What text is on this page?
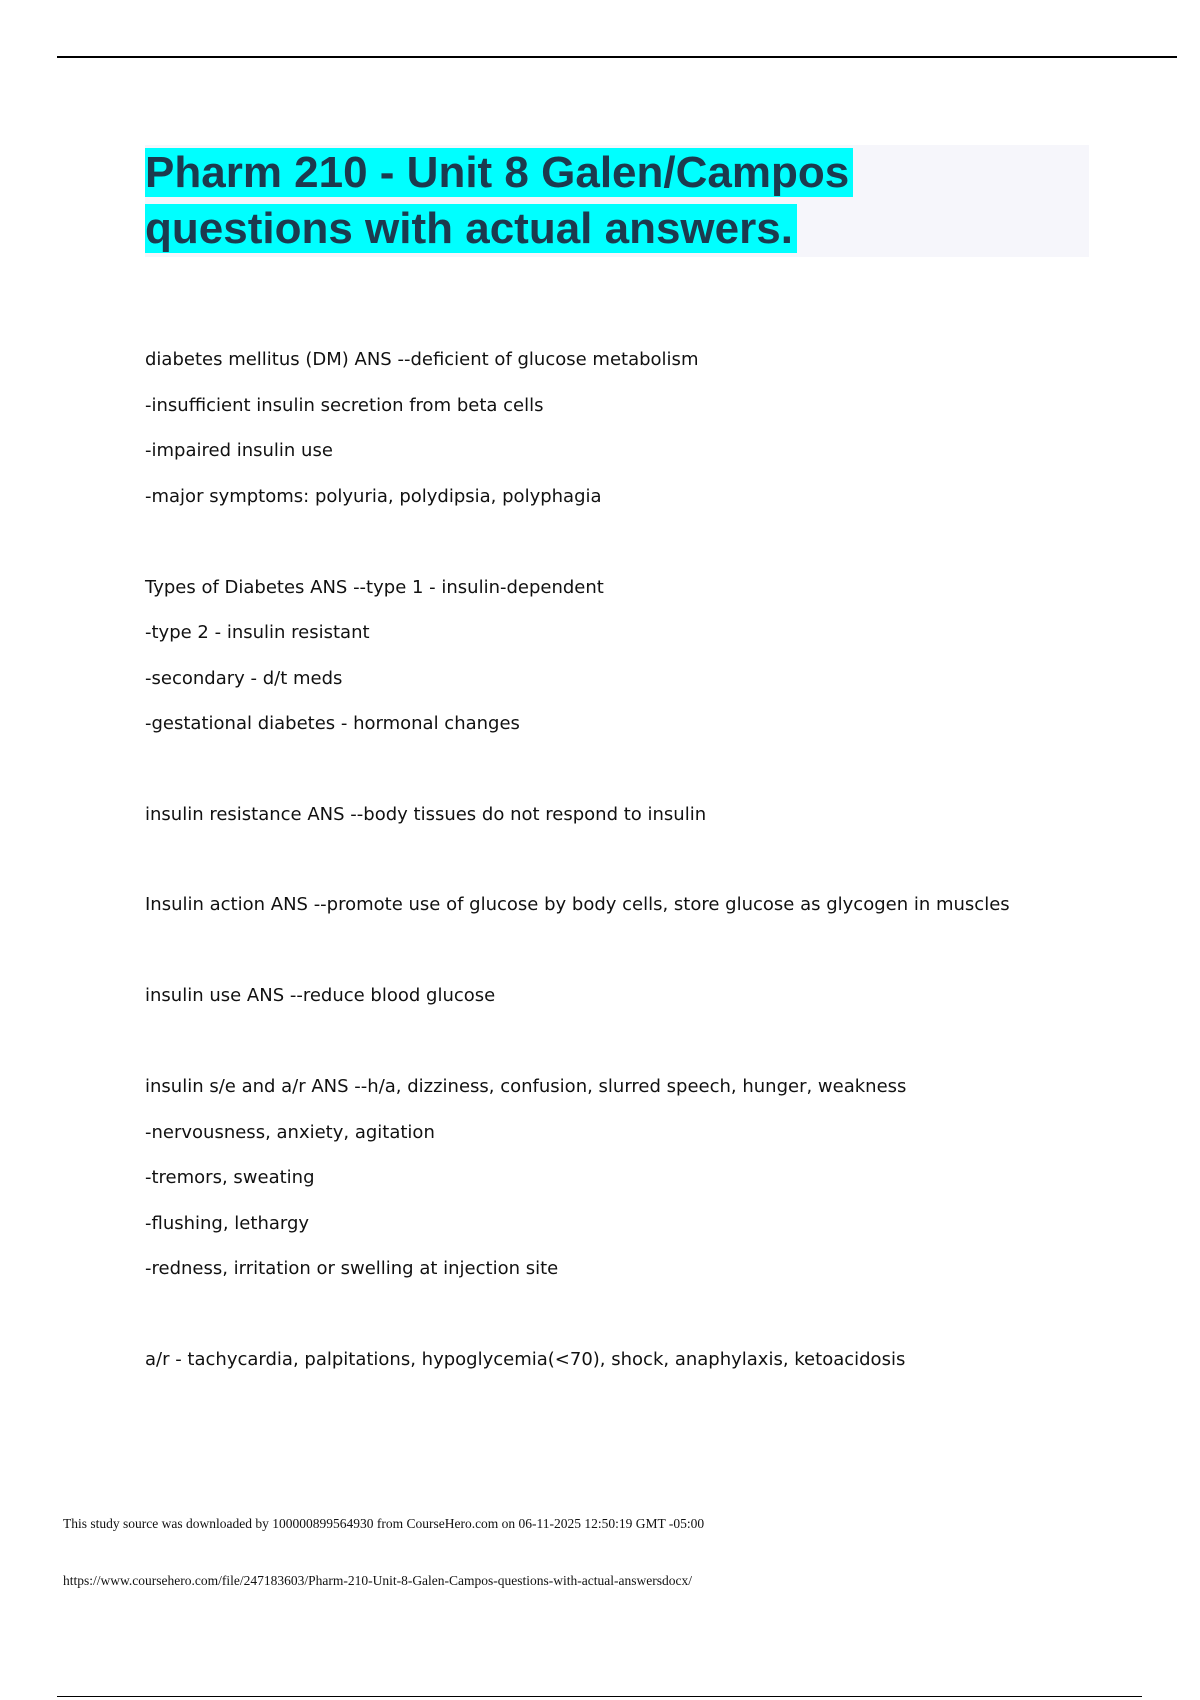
Pharm 210 - Unit 8 Galen/Campos
questions with actual answers.
diabetes mellitus (DM) ANS --deficient of glucose metabolism
-insufficient insulin secretion from beta cells
-impaired insulin use
-major symptoms: polyuria, polydipsia, polyphagia
Types of Diabetes ANS --type 1 - insulin-dependent
-type 2 - insulin resistant
-secondary - d/t meds
-gestational diabetes - hormonal changes
insulin resistance ANS --body tissues do not respond to insulin
Insulin action ANS --promote use of glucose by body cells, store glucose as glycogen in muscles
insulin use ANS --reduce blood glucose
insulin s/e and a/r ANS --h/a, dizziness, confusion, slurred speech, hunger, weakness
-nervousness, anxiety, agitation
-tremors, sweating
-flushing, lethargy
-redness, irritation or swelling at injection site
a/r - tachycardia, palpitations, hypoglycemia(<70), shock, anaphylaxis, ketoacidosis
This study source was downloaded by 100000899564930 from CourseHero.com on 06-11-2025 12:50:19 GMT -05:00
https://www.coursehero.com/file/247183603/Pharm-210-Unit-8-Galen-Campos-questions-with-actual-answersdocx/
